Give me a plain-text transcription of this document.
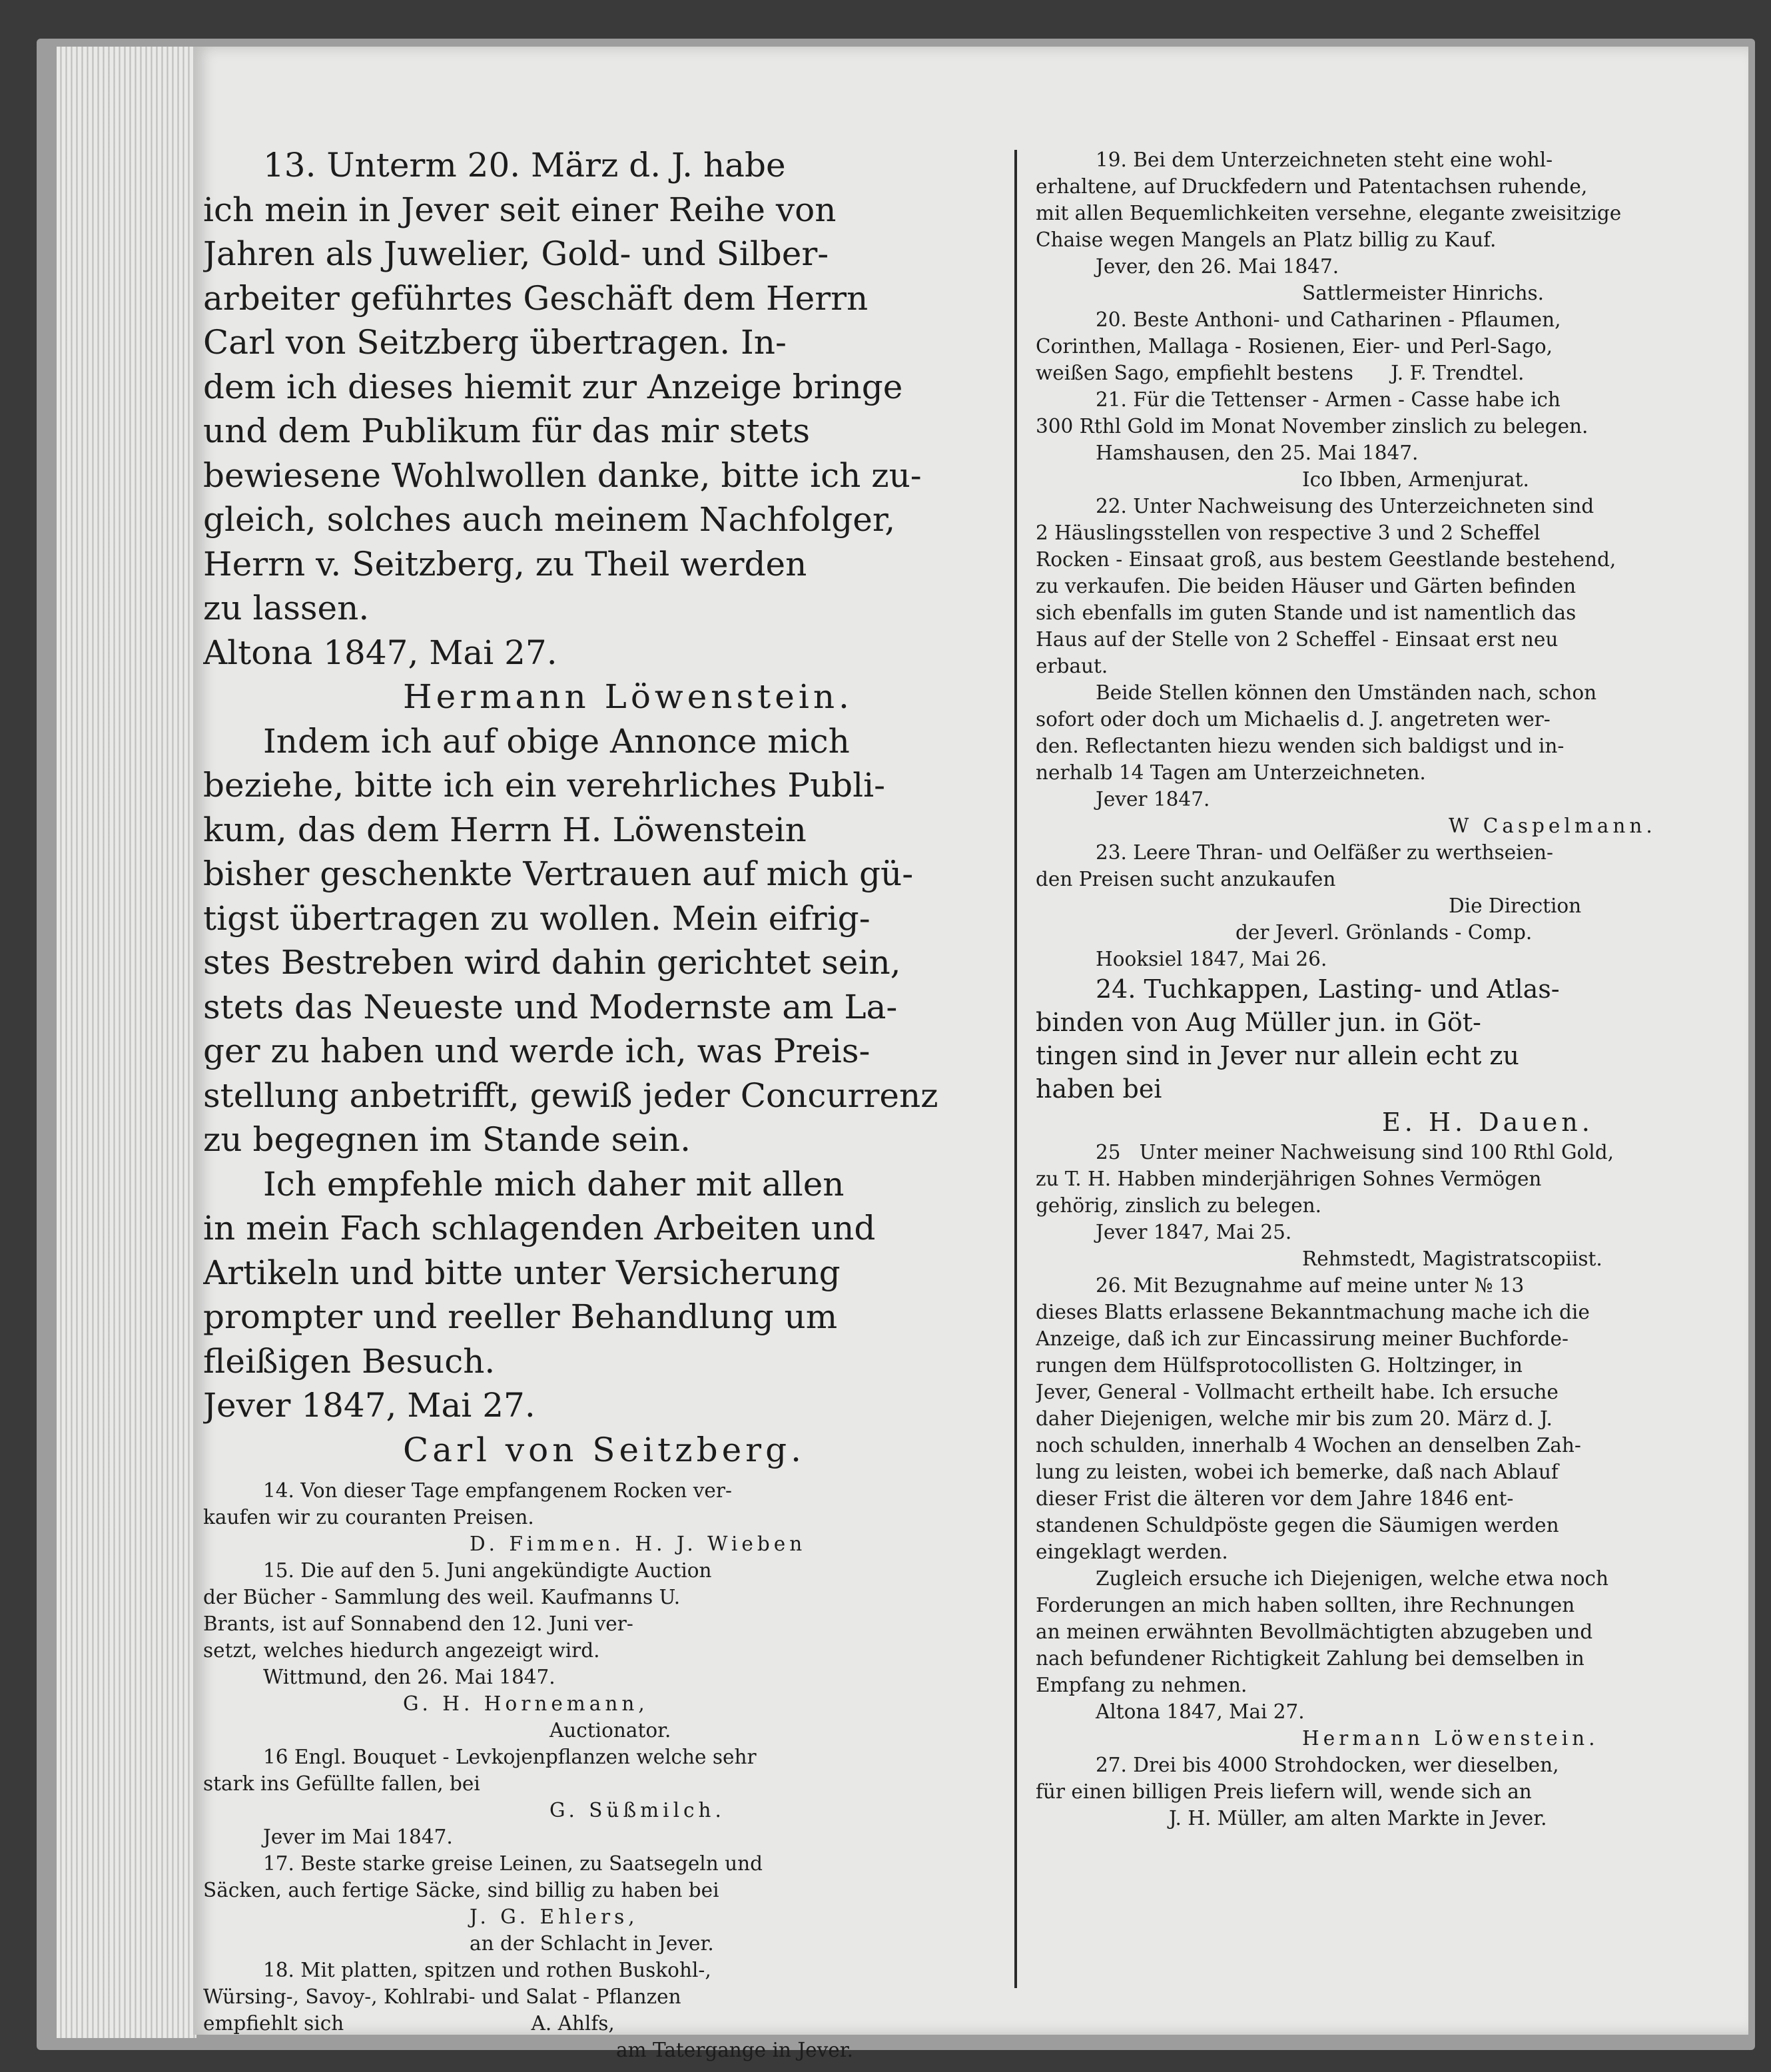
13. Unterm 20. März d. J. habe
ich mein in Jever seit einer Reihe von
Jahren als Juwelier, Gold- und Silber-
arbeiter geführtes Geschäft dem Herrn
Carl von Seitzberg übertragen. In-
dem ich dieses hiemit zur Anzeige bringe
und dem Publikum für das mir stets
bewiesene Wohlwollen danke, bitte ich zu-
gleich, solches auch meinem Nachfolger,
Herrn v. Seitzberg, zu Theil werden
zu lassen.
Altona 1847, Mai 27.
Hermann Löwenstein.
Indem ich auf obige Annonce mich
beziehe, bitte ich ein verehrliches Publi-
kum, das dem Herrn H. Löwenstein
bisher geschenkte Vertrauen auf mich gü-
tigst übertragen zu wollen. Mein eifrig-
stes Bestreben wird dahin gerichtet sein,
stets das Neueste und Modernste am La-
ger zu haben und werde ich, was Preis-
stellung anbetrifft, gewiß jeder Concurrenz
zu begegnen im Stande sein.
Ich empfehle mich daher mit allen
in mein Fach schlagenden Arbeiten und
Artikeln und bitte unter Versicherung
prompter und reeller Behandlung um
fleißigen Besuch.
Jever 1847, Mai 27.
Carl von Seitzberg.
14. Von dieser Tage empfangenem Rocken ver-
kaufen wir zu couranten Preisen.
D. Fimmen. H. J. Wieben
15. Die auf den 5. Juni angekündigte Auction
der Bücher - Sammlung des weil. Kaufmanns U.
Brants, ist auf Sonnabend den 12. Juni ver-
setzt, welches hiedurch angezeigt wird.
Wittmund, den 26. Mai 1847.
G. H. Hornemann,
Auctionator.
16 Engl. Bouquet - Levkojenpflanzen welche sehr
stark ins Gefüllte fallen, bei
G. Süßmilch.
Jever im Mai 1847.
17. Beste starke greise Leinen, zu Saatsegeln und
Säcken, auch fertige Säcke, sind billig zu haben bei
J. G. Ehlers,
an der Schlacht in Jever.
18. Mit platten, spitzen und rothen Buskohl-,
Würsing-, Savoy-, Kohlrabi- und Salat - Pflanzen
empfiehlt sich                              A. Ahlfs,
am Tatergange in Jever.
19. Bei dem Unterzeichneten steht eine wohl-
erhaltene, auf Druckfedern und Patentachsen ruhende,
mit allen Bequemlichkeiten versehne, elegante zweisitzige
Chaise wegen Mangels an Platz billig zu Kauf.
Jever, den 26. Mai 1847.
Sattlermeister Hinrichs.
20. Beste Anthoni- und Catharinen - Pflaumen,
Corinthen, Mallaga - Rosienen, Eier- und Perl-Sago,
weißen Sago, empfiehlt bestens      J. F. Trendtel.
21. Für die Tettenser - Armen - Casse habe ich
300 Rthl Gold im Monat November zinslich zu belegen.
Hamshausen, den 25. Mai 1847.
Ico Ibben, Armenjurat.
22. Unter Nachweisung des Unterzeichneten sind
2 Häuslingsstellen von respective 3 und 2 Scheffel
Rocken - Einsaat groß, aus bestem Geestlande bestehend,
zu verkaufen. Die beiden Häuser und Gärten befinden
sich ebenfalls im guten Stande und ist namentlich das
Haus auf der Stelle von 2 Scheffel - Einsaat erst neu
erbaut.
Beide Stellen können den Umständen nach, schon
sofort oder doch um Michaelis d. J. angetreten wer-
den. Reflectanten hiezu wenden sich baldigst und in-
nerhalb 14 Tagen am Unterzeichneten.
Jever 1847.
W Caspelmann.
23. Leere Thran- und Oelfäßer zu werthseien-
den Preisen sucht anzukaufen
Die Direction
der Jeverl. Grönlands - Comp.
Hooksiel 1847, Mai 26.
24. Tuchkappen, Lasting- und Atlas-
binden von Aug Müller jun. in Göt-
tingen sind in Jever nur allein echt zu
haben bei
E. H. Dauen.
25   Unter meiner Nachweisung sind 100 Rthl Gold,
zu T. H. Habben minderjährigen Sohnes Vermögen
gehörig, zinslich zu belegen.
Jever 1847, Mai 25.
Rehmstedt, Magistratscopiist.
26. Mit Bezugnahme auf meine unter № 13
dieses Blatts erlassene Bekanntmachung mache ich die
Anzeige, daß ich zur Eincassirung meiner Buchforde-
rungen dem Hülfsprotocollisten G. Holtzinger, in
Jever, General - Vollmacht ertheilt habe. Ich ersuche
daher Diejenigen, welche mir bis zum 20. März d. J.
noch schulden, innerhalb 4 Wochen an denselben Zah-
lung zu leisten, wobei ich bemerke, daß nach Ablauf
dieser Frist die älteren vor dem Jahre 1846 ent-
standenen Schuldpöste gegen die Säumigen werden
eingeklagt werden.
Zugleich ersuche ich Diejenigen, welche etwa noch
Forderungen an mich haben sollten, ihre Rechnungen
an meinen erwähnten Bevollmächtigten abzugeben und
nach befundener Richtigkeit Zahlung bei demselben in
Empfang zu nehmen.
Altona 1847, Mai 27.
Hermann Löwenstein.
27. Drei bis 4000 Strohdocken, wer dieselben,
für einen billigen Preis liefern will, wende sich an
J. H. Müller, am alten Markte in Jever.
